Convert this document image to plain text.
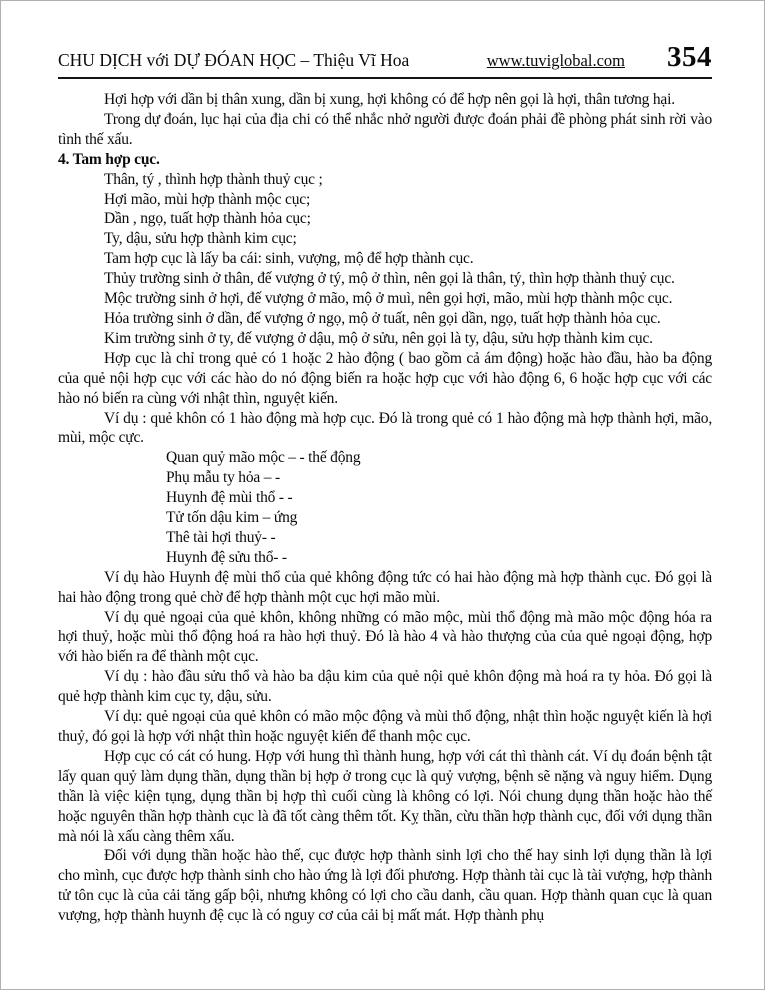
CHU DỊCH với DỰ ĐÓAN HỌC – Thiệu Vĩ Hoa	www.tuviglobal.com 354

Hợi hợp với dần bị thân xung, dần bị xung, hợi không có để hợp nên gọi là hợi, thân tương hại.

Trong dự đoán, lục hại của địa chi có thể nhắc nhở người được đoán phải đề phòng phát sinh rời vào tình thế xấu.

4. Tam hợp cục.

Thân, tý , thình hợp thành thuỷ cục ;

Hợi mão, mùi hợp thành mộc cục;

Dần , ngọ, tuất hợp thành hỏa cục;

Ty, dậu, sửu hợp thành kim cục;

Tam hợp cục là lấy ba cái: sinh, vượng, mộ để hợp thành cục.

Thủy trường sinh ở thân, đế vượng ở tý, mộ ở thìn, nên gọi là thân, tý, thìn hợp thành thuỷ cục.

Mộc trường sinh ở hợi, đế vượng ở mão, mộ ở muì, nên gọi hợi, mão, mùi hợp thành mộc cục.

Hỏa trường sinh ở dần, đế vượng ở ngọ, mộ ở tuất, nên gọi dần, ngọ, tuất hợp thành hỏa cục.

Kim trường sinh ở ty, đế vượng ở dậu, mộ ở sửu, nên gọi là ty, dậu, sửu hợp thành kim cục.

Hợp cục là chỉ trong quẻ có 1 hoặc 2 hào động ( bao gồm cả ám động) hoặc hào đầu, hào ba động của quẻ nội hợp cục với các hào do nó động biến ra hoặc hợp cục với hào động 6, 6 hoặc hợp cục với các hào nó biến ra cùng với nhật thìn, nguyệt kiến.

Ví dụ : quẻ khôn có 1 hào động mà hợp cục. Đó là trong quẻ có 1 hào động mà hợp thành hợi, mão, mùi, mộc cực.

Quan quỷ mão mộc – - thế động

Phụ mẫu ty hỏa – -

Huynh đệ mùi thổ - -

Tử tốn dậu kim – ứng

Thê tài hợi thuỷ- -

Huynh đệ sửu thổ- -

Ví dụ hào Huynh đệ mùi thổ của quẻ không động tức có hai hào động mà hợp thành cục. Đó gọi là hai hào động trong quẻ chờ để hợp thành một cục hợi mão mùi.

Ví dụ quẻ ngoại của quẻ khôn, không những có mão mộc, mùi thổ động mà mão mộc động hóa ra hợi thuỷ, hoặc mùi thổ động hoá ra hào hợi thuỷ. Đó là hào 4 và hào thượng của của quẻ ngoại động, hợp với hào biến ra để thành một cục.

Ví dụ : hào đầu sửu thổ và hào ba dậu kim của quẻ nội quẻ khôn động mà hoá ra ty hỏa. Đó gọi là quẻ hợp thành kim cục ty, dậu, sửu.

Ví dụ: quẻ ngoại của quẻ khôn có mão mộc động và mùi thổ động, nhật thìn hoặc nguyệt kiến là hợi thuỷ, đó gọi là hợp với nhật thìn hoặc nguyệt kiến để thanh mộc cục.

Hợp cục có cát có hung. Hợp với hung thì thành hung, hợp với cát thì thành cát. Ví dụ đoán bệnh tật lấy quan quỷ làm dụng thần, dụng thần bị hợp ở trong cục là quỷ vượng, bệnh sẽ nặng và nguy hiểm. Dụng thần là việc kiện tụng, dụng thần bị hợp thì cuối cùng là không có lợi. Nói chung dụng thần hoặc hào thế hoặc nguyên thần hợp thành cục là đã tốt càng thêm tốt. Kỵ thần, cừu thần hợp thành cục, đối với dụng thần mà nói là xấu càng thêm xấu.

Đối với dụng thần hoặc hào thế, cục được hợp thành sinh lợi cho thế hay sinh lợi dụng thần là lợi cho mình, cục được hợp thành sinh cho hào ứng là lợi đối phương. Hợp thành tài cục là tài vượng, hợp thành tử tôn cục là của cải tăng gấp bội, nhưng không có lợi cho cầu danh, cầu quan. Hợp thành quan cục là quan vượng, hợp thành huynh đệ cục là có nguy cơ của cải bị mất mát. Hợp thành phụ
